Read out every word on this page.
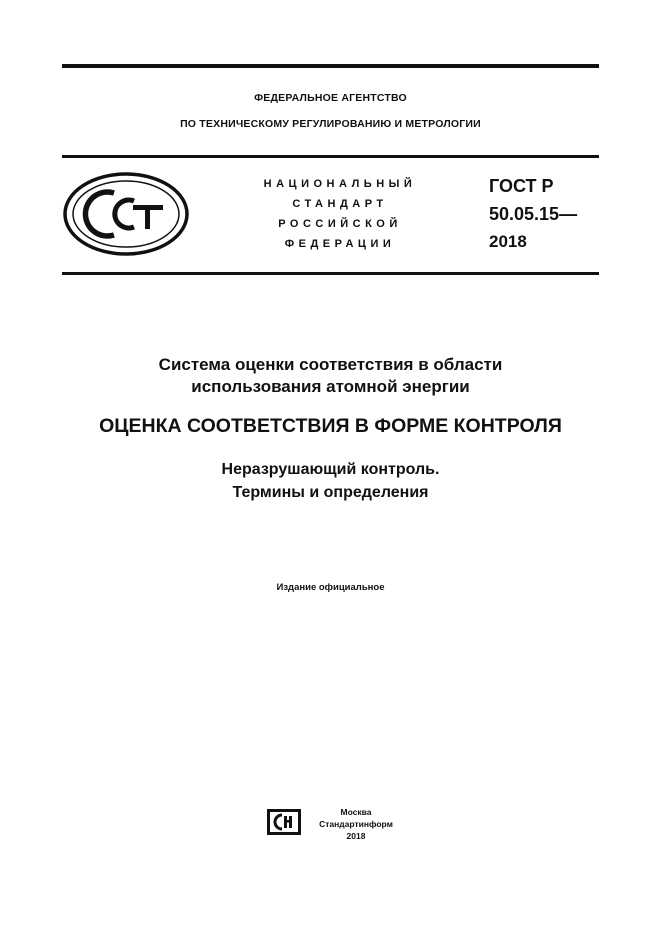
ФЕДЕРАЛЬНОЕ АГЕНТСТВО
ПО ТЕХНИЧЕСКОМУ РЕГУЛИРОВАНИЮ И МЕТРОЛОГИИ
НАЦИОНАЛЬНЫЙ
СТАНДАРТ
РОССИЙСКОЙ
ФЕДЕРАЦИИ
ГОСТ Р
50.05.15—
2018
Система оценки соответствия в области
использования атомной энергии
ОЦЕНКА СООТВЕТСТВИЯ В ФОРМЕ КОНТРОЛЯ
Неразрушающий контроль.
Термины и определения
Издание официальное
Москва
Стандартинформ
2018
